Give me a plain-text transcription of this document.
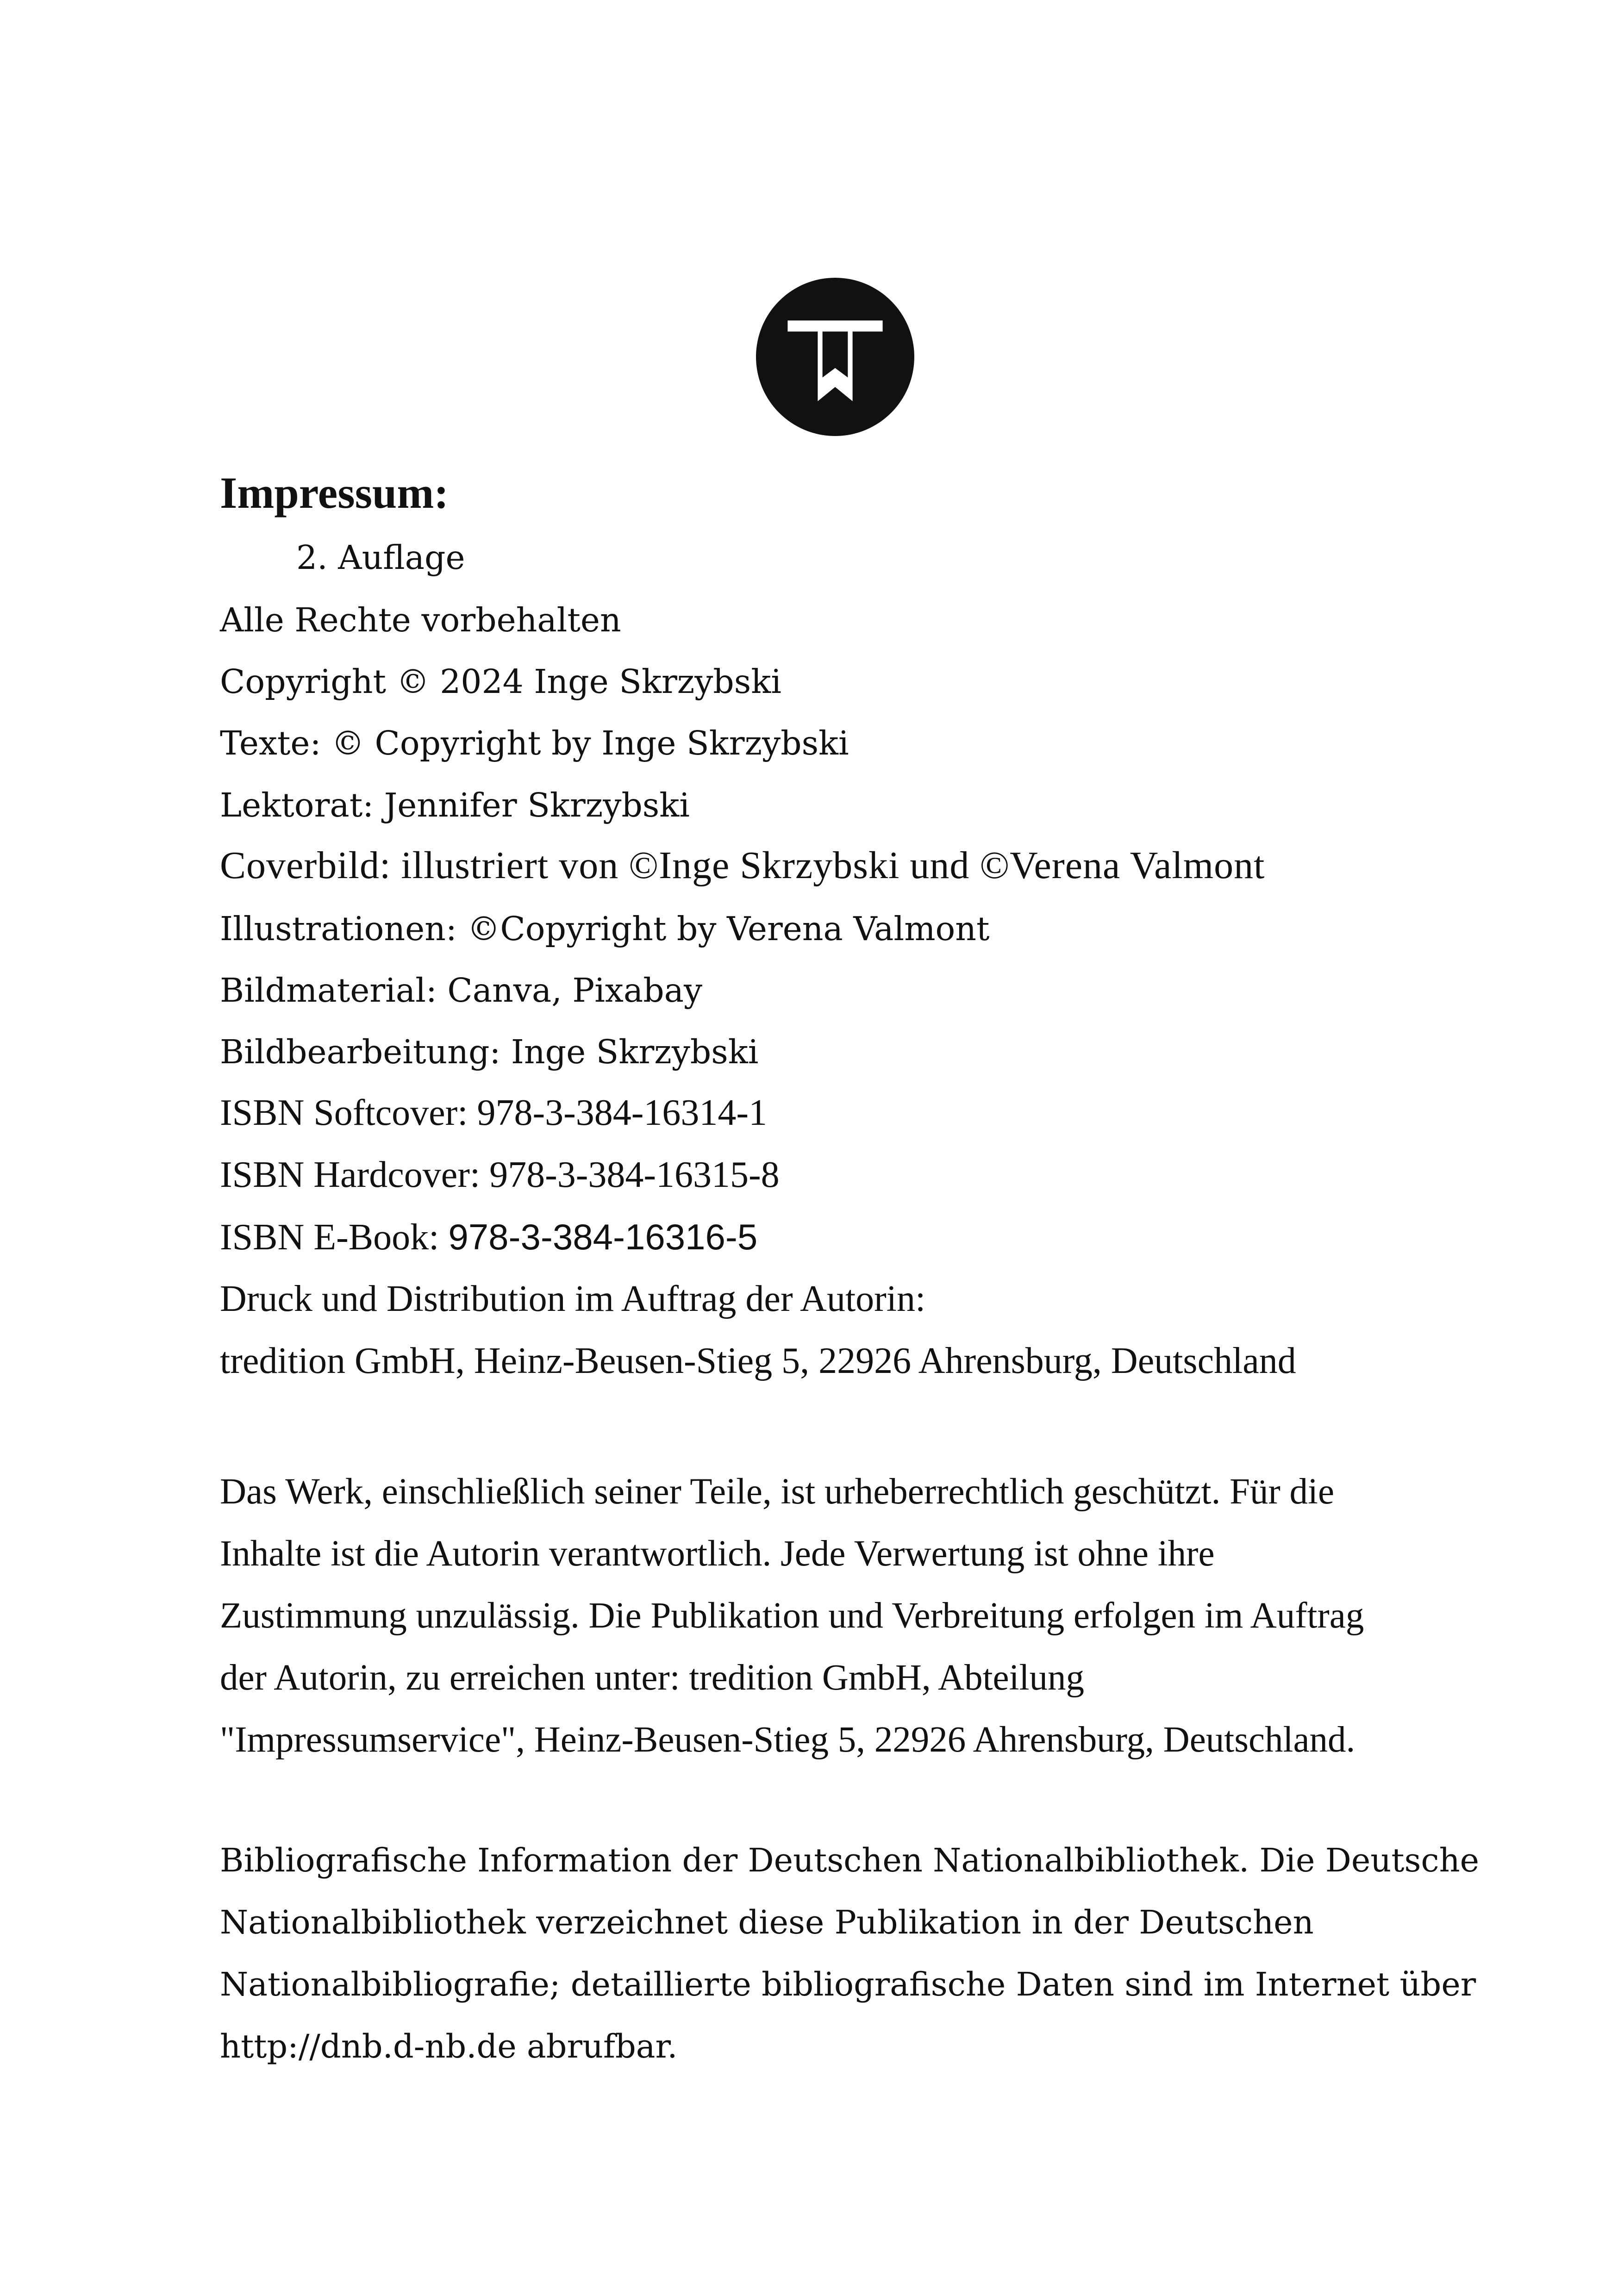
Impressum:
2. Auflage
Alle Rechte vorbehalten
Copyright © 2024 Inge Skrzybski
Texte: © Copyright by Inge Skrzybski
Lektorat: Jennifer Skrzybski
Coverbild: illustriert von ©Inge Skrzybski und ©Verena Valmont
Illustrationen: ©Copyright by Verena Valmont
Bildmaterial: Canva, Pixabay
Bildbearbeitung: Inge Skrzybski
ISBN Softcover: 978-3-384-16314-1
ISBN Hardcover: 978-3-384-16315-8
ISBN E-Book: 978-3-384-16316-5
Druck und Distribution im Auftrag der Autorin:
tredition GmbH, Heinz-Beusen-Stieg 5, 22926 Ahrensburg, Deutschland
Das Werk, einschließlich seiner Teile, ist urheberrechtlich geschützt. Für die
Inhalte ist die Autorin verantwortlich. Jede Verwertung ist ohne ihre
Zustimmung unzulässig. Die Publikation und Verbreitung erfolgen im Auftrag
der Autorin, zu erreichen unter: tredition GmbH, Abteilung
"Impressumservice", Heinz-Beusen-Stieg 5, 22926 Ahrensburg, Deutschland.
Bibliografische Information der Deutschen Nationalbibliothek. Die Deutsche
Nationalbibliothek verzeichnet diese Publikation in der Deutschen
Nationalbibliografie; detaillierte bibliografische Daten sind im Internet über
http://dnb.d-nb.de abrufbar.
